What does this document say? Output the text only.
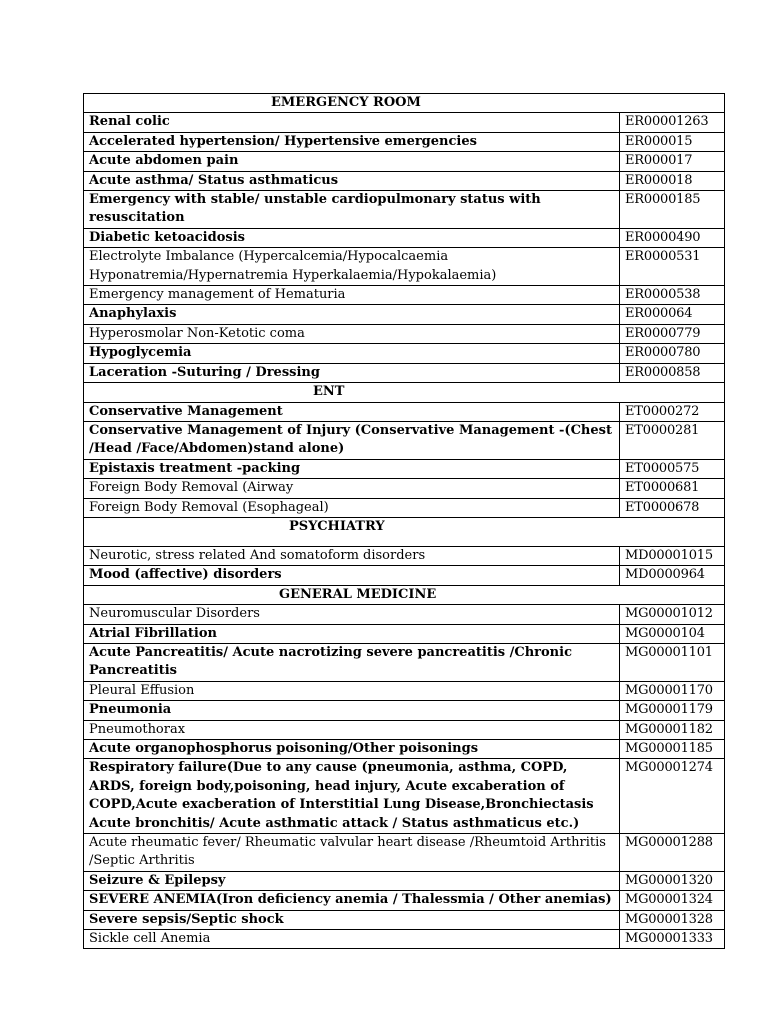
EMERGENCY ROOM	
Renal colic	ER00001263
Accelerated hypertension/ Hypertensive emergencies	ER000015
Acute abdomen pain	ER000017
Acute asthma/ Status asthmaticus	ER000018
Emergency with stable/ unstable cardiopulmonary status with resuscitation	ER0000185
Diabetic ketoacidosis	ER0000490
Electrolyte Imbalance (Hypercalcemia/Hypocalcaemia Hyponatremia/Hypernatremia Hyperkalaemia/Hypokalaemia)	ER0000531
Emergency management of Hematuria	ER0000538
Anaphylaxis	ER000064
Hyperosmolar Non-Ketotic coma	ER0000779
Hypoglycemia	ER0000780
Laceration -Suturing / Dressing	ER0000858
ENT	
Conservative Management	ET0000272
Conservative Management of Injury (Conservative Management -(Chest /Head /Face/Abdomen)stand alone)	ET0000281
Epistaxis treatment -packing	ET0000575
Foreign Body Removal (Airway	ET0000681
Foreign Body Removal (Esophageal)	ET0000678
PSYCHIATRY	
Neurotic, stress related And somatoform disorders	MD00001015
Mood (affective) disorders	MD0000964
GENERAL MEDICINE	
Neuromuscular Disorders	MG00001012
Atrial Fibrillation	MG0000104
Acute Pancreatitis/ Acute nacrotizing severe pancreatitis /Chronic Pancreatitis	MG00001101
Pleural Effusion	MG00001170
Pneumonia	MG00001179
Pneumothorax	MG00001182
Acute organophosphorus poisoning/Other poisonings	MG00001185
Respiratory failure(Due to any cause (pneumonia, asthma, COPD, ARDS, foreign body,poisoning, head injury, Acute excaberation of COPD,Acute exacberation of Interstitial Lung Disease,Bronchiectasis Acute bronchitis/ Acute asthmatic attack / Status asthmaticus etc.)	MG00001274
Acute rheumatic fever/ Rheumatic valvular heart disease /Rheumtoid Arthritis /Septic Arthritis	MG00001288
Seizure & Epilepsy	MG00001320
SEVERE ANEMIA(Iron deficiency anemia / Thalessmia / Other anemias)	MG00001324
Severe sepsis/Septic shock	MG00001328
Sickle cell Anemia	MG00001333
